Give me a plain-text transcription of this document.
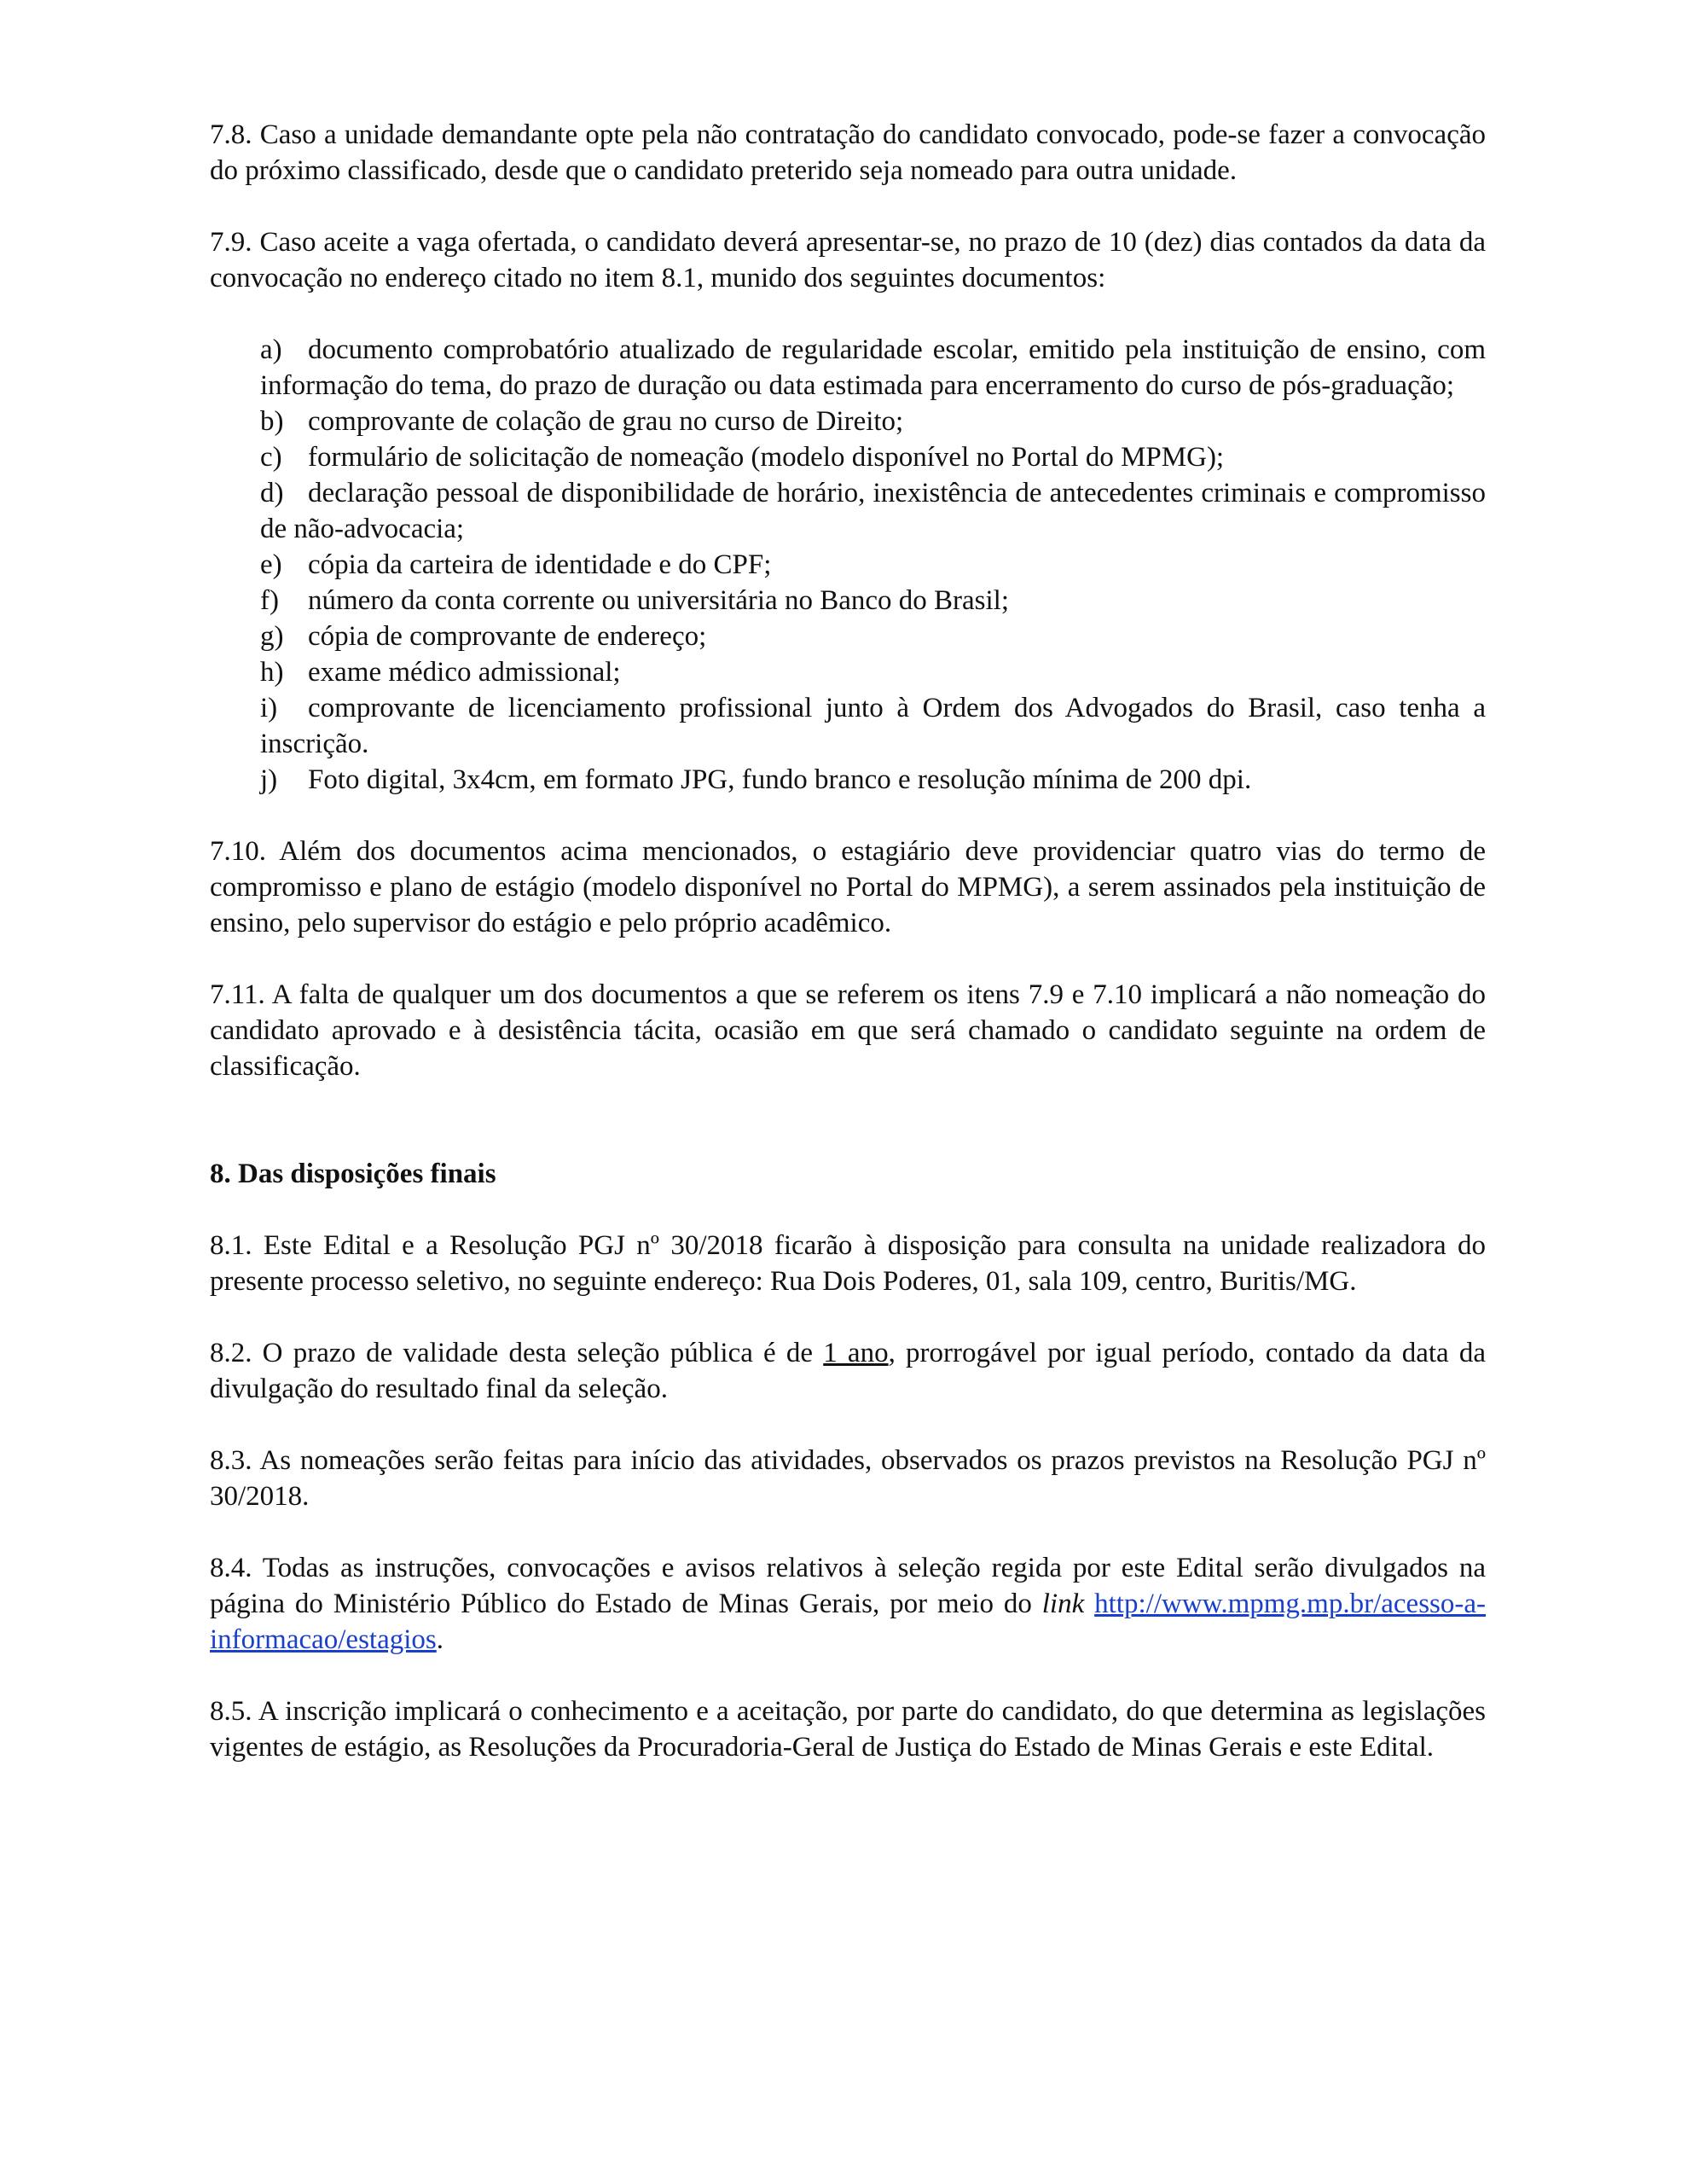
7.8. Caso a unidade demandante opte pela não contratação do candidato convocado, pode-se fazer a convocação do próximo classificado, desde que o candidato preterido seja nomeado para outra unidade.

7.9. Caso aceite a vaga ofertada, o candidato deverá apresentar-se, no prazo de 10 (dez) dias contados da data da convocação no endereço citado no item 8.1, munido dos seguintes documentos:

a) documento comprobatório atualizado de regularidade escolar, emitido pela instituição de ensino, com informação do tema, do prazo de duração ou data estimada para encerramento do curso de pós-graduação;
b) comprovante de colação de grau no curso de Direito;
c) formulário de solicitação de nomeação (modelo disponível no Portal do MPMG);
d) declaração pessoal de disponibilidade de horário, inexistência de antecedentes criminais e compromisso de não-advocacia;
e) cópia da carteira de identidade e do CPF;
f) número da conta corrente ou universitária no Banco do Brasil;
g) cópia de comprovante de endereço;
h) exame médico admissional;
i) comprovante de licenciamento profissional junto à Ordem dos Advogados do Brasil, caso tenha a inscrição.
j) Foto digital, 3x4cm, em formato JPG, fundo branco e resolução mínima de 200 dpi.

7.10. Além dos documentos acima mencionados, o estagiário deve providenciar quatro vias do termo de compromisso e plano de estágio (modelo disponível no Portal do MPMG), a serem assinados pela instituição de ensino, pelo supervisor do estágio e pelo próprio acadêmico.

7.11. A falta de qualquer um dos documentos a que se referem os itens 7.9 e 7.10 implicará a não nomeação do candidato aprovado e à desistência tácita, ocasião em que será chamado o candidato seguinte na ordem de classificação.

8. Das disposições finais

8.1. Este Edital e a Resolução PGJ nº 30/2018 ficarão à disposição para consulta na unidade realizadora do presente processo seletivo, no seguinte endereço: Rua Dois Poderes, 01, sala 109, centro, Buritis/MG.

8.2. O prazo de validade desta seleção pública é de 1 ano, prorrogável por igual período, contado da data da divulgação do resultado final da seleção.

8.3. As nomeações serão feitas para início das atividades, observados os prazos previstos na Resolução PGJ nº 30/2018.

8.4. Todas as instruções, convocações e avisos relativos à seleção regida por este Edital serão divulgados na página do Ministério Público do Estado de Minas Gerais, por meio do link http://www.mpmg.mp.br/acesso-a-informacao/estagios.

8.5. A inscrição implicará o conhecimento e a aceitação, por parte do candidato, do que determina as legislações vigentes de estágio, as Resoluções da Procuradoria-Geral de Justiça do Estado de Minas Gerais e este Edital.
